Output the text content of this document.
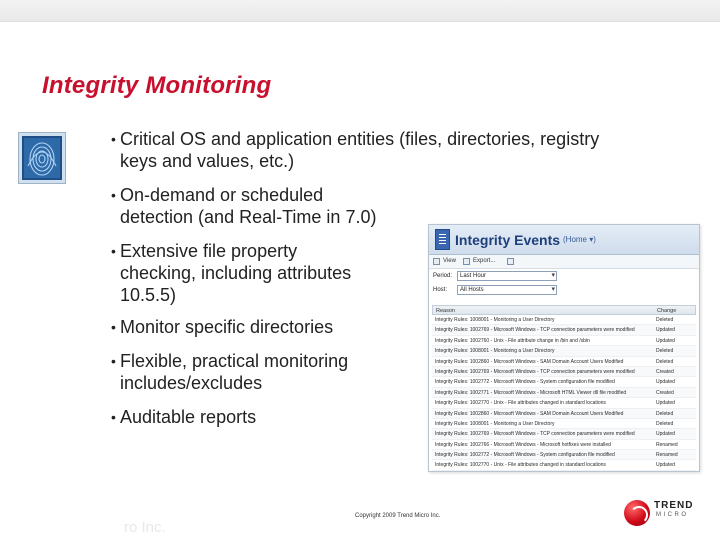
Integrity Monitoring
• Critical OS and application entities (files, directories, registry
keys and values, etc.)
• On-demand or scheduled
detection (and Real-Time in 7.0)
• Extensive file property
checking, including attributes
10.5.5)
• Monitor specific directories
• Flexible, practical monitoring
includes/excludes
• Auditable reports
Integrity Events (Home ▾)
View	Export...
Period:	Last Hour ▾
Host:	All Hosts ▾
Reason	Change
Integrity Rules: 1008001 - Monitoring a User Directory	Deleted
Integrity Rules: 1002769 - Microsoft Windows - TCP connection parameters were modified	Updated
Integrity Rules: 1002760 - Unix - File attribute change in /bin and /sbin	Updated
Integrity Rules: 1008001 - Monitoring a User Directory	Deleted
Integrity Rules: 1002860 - Microsoft Windows - SAM Domain Account Users Modified	Deleted
Integrity Rules: 1002769 - Microsoft Windows - TCP connection parameters were modified	Created
Integrity Rules: 1002772 - Microsoft Windows - System configuration file modified	Updated
Integrity Rules: 1002771 - Microsoft Windows - Microsoft HTML Viewer dll file modified	Created
Integrity Rules: 1002770 - Unix - File attributes changed in standard locations	Updated
Integrity Rules: 1002860 - Microsoft Windows - SAM Domain Account Users Modified	Deleted
Integrity Rules: 1008001 - Monitoring a User Directory	Deleted
Integrity Rules: 1002769 - Microsoft Windows - TCP connection parameters were modified	Updated
Integrity Rules: 1002766 - Microsoft Windows - Microsoft hotfixes were installed	Renamed
Integrity Rules: 1002772 - Microsoft Windows - System configuration file modified	Renamed
Integrity Rules: 1002770 - Unix - File attributes changed in standard locations	Updated
ro Inc.
Copyright 2009 Trend Micro Inc.
TREND
MICRO
